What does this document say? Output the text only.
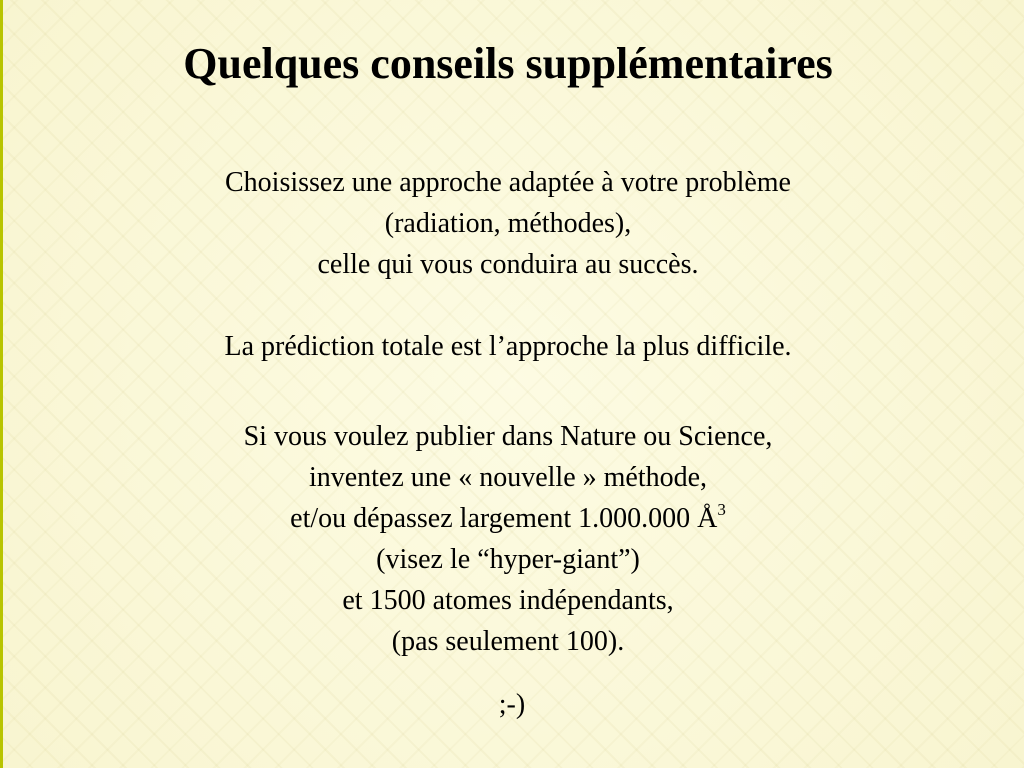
Quelques conseils supplémentaires
Choisissez une approche adaptée à votre problème
(radiation, méthodes),
celle qui vous conduira au succès.
La prédiction totale est l’approche la plus difficile.
Si vous voulez publier dans Nature ou Science,
inventez une « nouvelle » méthode,
et/ou dépassez largement 1.000.000 $Å^3$
(visez le “hyper-giant”)
et 1500 atomes indépendants,
(pas seulement 100).
;-)
